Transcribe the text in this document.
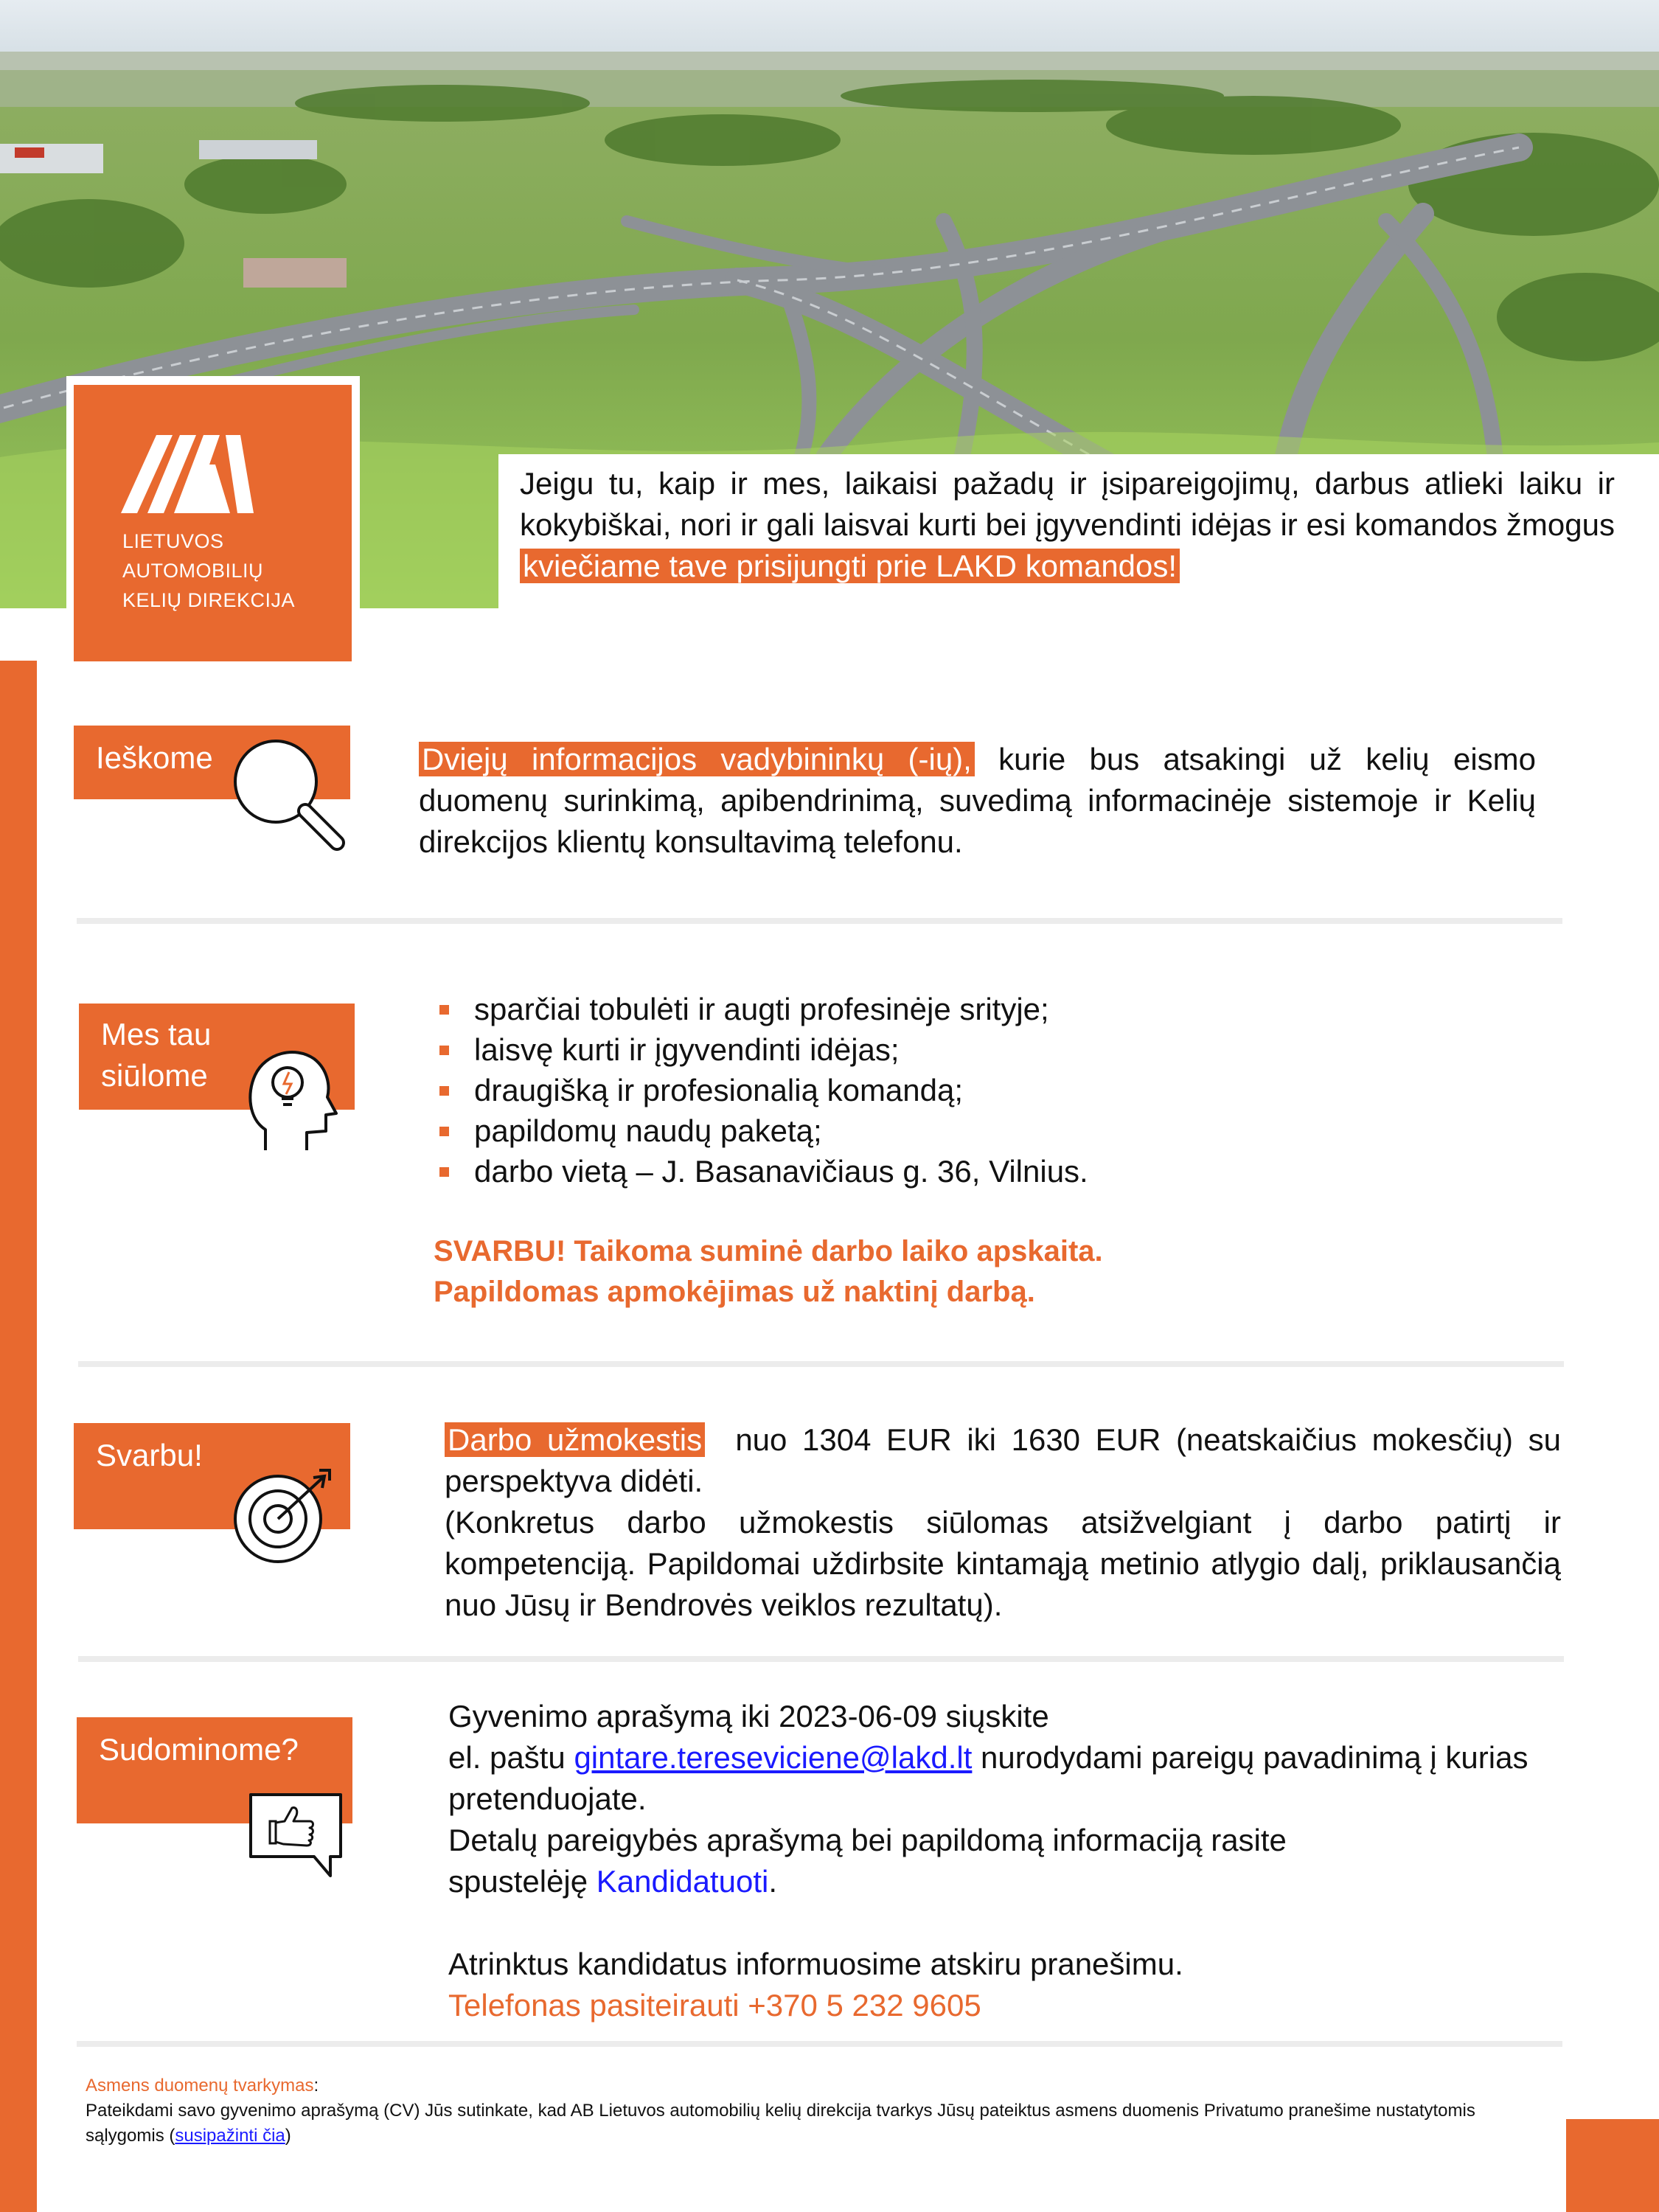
LIETUVOS
AUTOMOBILIŲ
KELIŲ DIREKCIJA
Jeigu tu, kaip ir mes, laikaisi pažadų ir įsipareigojimų, darbus atlieki laiku ir kokybiškai, nori ir gali laisvai kurti bei įgyvendinti idėjas ir esi komandos žmogus kviečiame tave prisijungti prie LAKD komandos!
Ieškome	Dviejų informacijos vadybininkų (-ių), kurie bus atsakingi už kelių eismo duomenų surinkimą, apibendrinimą, suvedimą informacinėje sistemoje ir Kelių direkcijos klientų konsultavimą telefonu.
Mes tau
siūlome
sparčiai tobulėti ir augti profesinėje srityje;
laisvę kurti ir įgyvendinti idėjas;
draugišką ir profesionalią komandą;
papildomų naudų paketą;
darbo vietą – J. Basanavičiaus g. 36, Vilnius.
SVARBU! Taikoma suminė darbo laiko apskaita.
Papildomas apmokėjimas už naktinį darbą.
Svarbu!	Darbo užmokestis nuo 1304 EUR iki 1630 EUR (neatskaičius mokesčių) su perspektyva didėti.
(Konkretus darbo užmokestis siūlomas atsižvelgiant į darbo patirtį ir kompetenciją. Papildomai uždirbsite kintamąją metinio atlygio dalį, priklausančią nuo Jūsų ir Bendrovės veiklos rezultatų).
Sudominome?
Gyvenimo aprašymą iki 2023-06-09 siųskite
el. paštu gintare.tereseviciene@lakd.lt nurodydami pareigų pavadinimą į kurias pretenduojate.
Detalų pareigybės aprašymą bei papildomą informaciją rasite
spustelėję Kandidatuoti.
Atrinktus kandidatus informuosime atskiru pranešimu.
Telefonas pasiteirauti +370 5 232 9605
Asmens duomenų tvarkymas:
Pateikdami savo gyvenimo aprašymą (CV) Jūs sutinkate, kad AB Lietuvos automobilių kelių direkcija tvarkys Jūsų pateiktus asmens duomenis Privatumo pranešime nustatytomis sąlygomis (susipažinti čia)
